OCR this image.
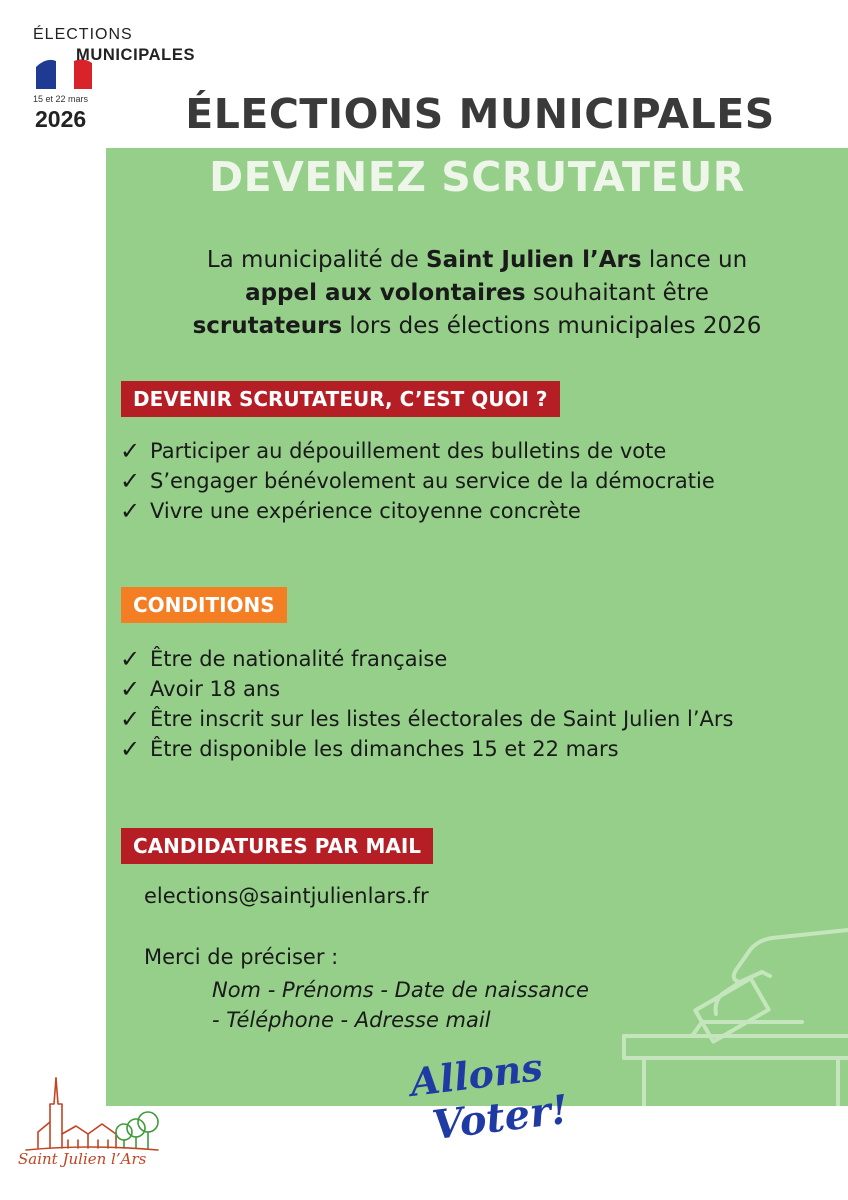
ÉLECTIONS
MUNICIPALES
15 et 22 mars
2026	ÉLECTIONS MUNICIPALES
DEVENEZ SCRUTATEUR
La municipalité de Saint Julien l’Ars lance un
appel aux volontaires souhaitant être
scrutateurs lors des élections municipales 2026
DEVENIR SCRUTATEUR, C’EST QUOI ?
✓ Participer au dépouillement des bulletins de vote
✓ S’engager bénévolement au service de la démocratie
✓ Vivre une expérience citoyenne concrète
CONDITIONS
✓ Être de nationalité française
✓ Avoir 18 ans
✓ Être inscrit sur les listes électorales de Saint Julien l’Ars
✓ Être disponible les dimanches 15 et 22 mars
CANDIDATURES PAR MAIL
elections@saintjulienlars.fr
Merci de préciser :
Nom - Prénoms - Date de naissance
- Téléphone - Adresse mail
Allons
Voter!
Saint Julien l’Ars
